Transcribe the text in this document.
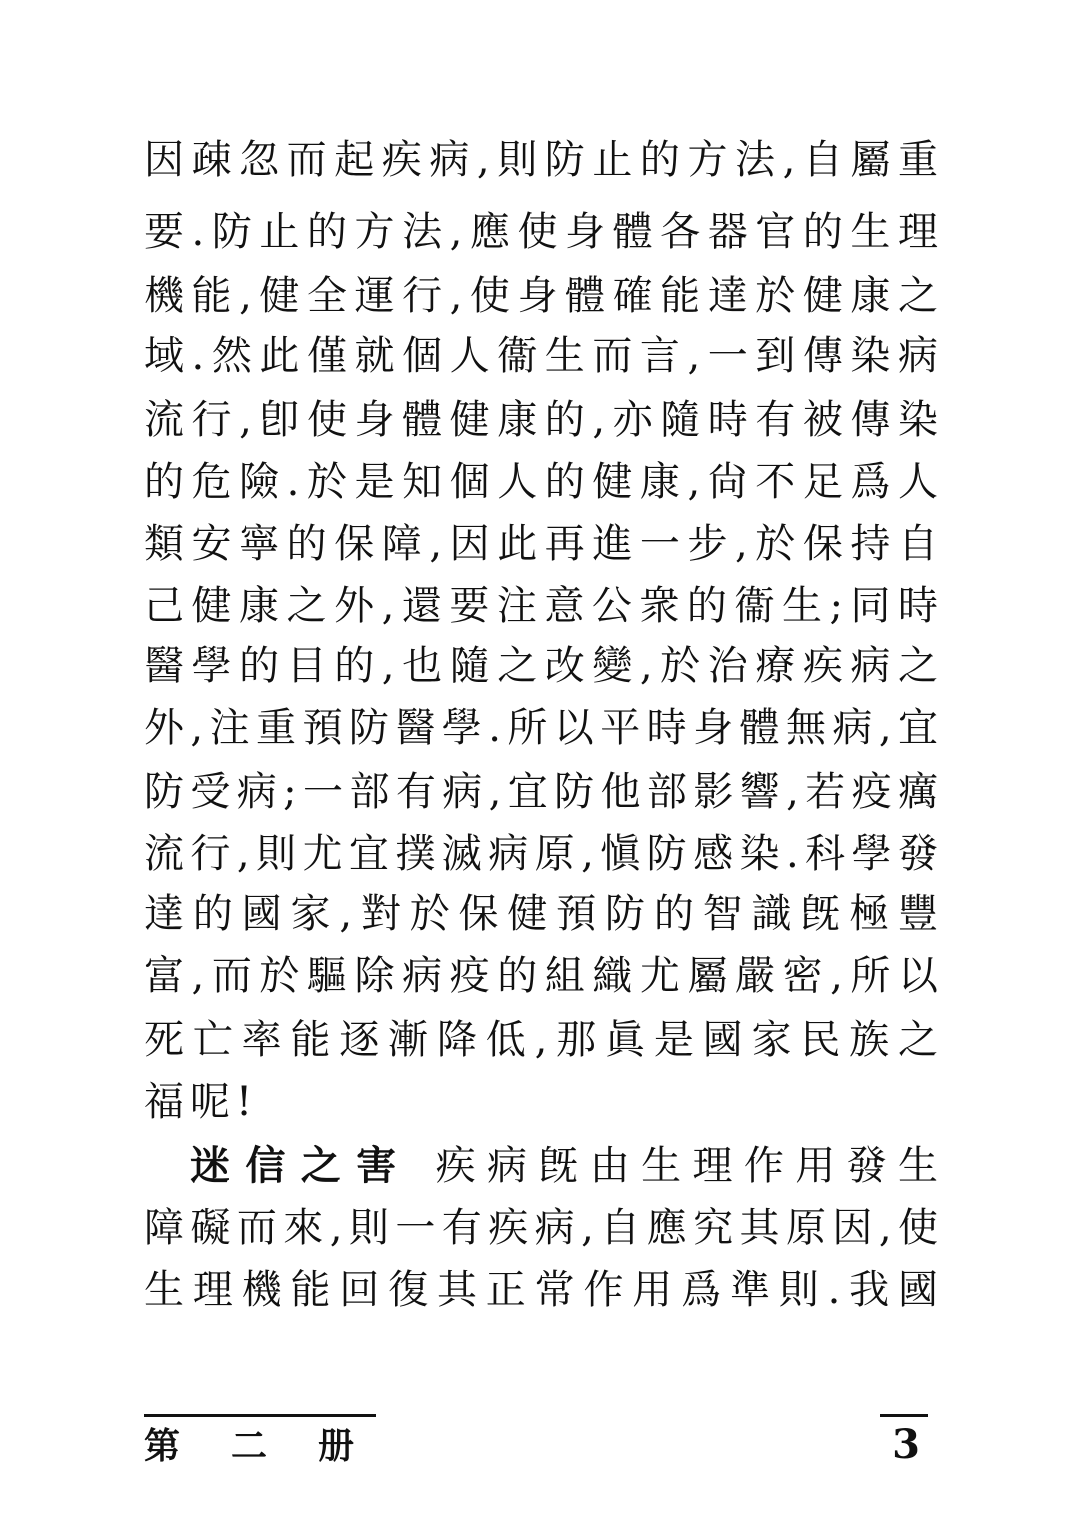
因疎忽而起疾病,則防止的方法,自屬重
要.防止的方法,應使身體各器官的生理
機能,健全運行,使身體確能達於健康之
域.然此僅就個人衞生而言,一到傳染病
流行,卽使身體健康的,亦隨時有被傳染
的危險.於是知個人的健康,尙不足爲人
類安寧的保障,因此再進一步,於保持自
己健康之外,還要注意公衆的衞生;同時
醫學的目的,也隨之改變,於治療疾病之
外,注重預防醫學.所以平時身體無病,宜
防受病;一部有病,宜防他部影響,若疫癘
流行,則尤宜撲滅病原,愼防感染.科學發
達的國家,對於保健預防的智識旣極豐
富,而於驅除病疫的組織尤屬嚴密,所以
死亡率能逐漸降低,那眞是國家民族之
福呢!
迷信之害 疾病旣由生理作用發生
障礙而來,則一有疾病,自應究其原因,使
生理機能回復其正常作用爲準則.我國
第二册	3
